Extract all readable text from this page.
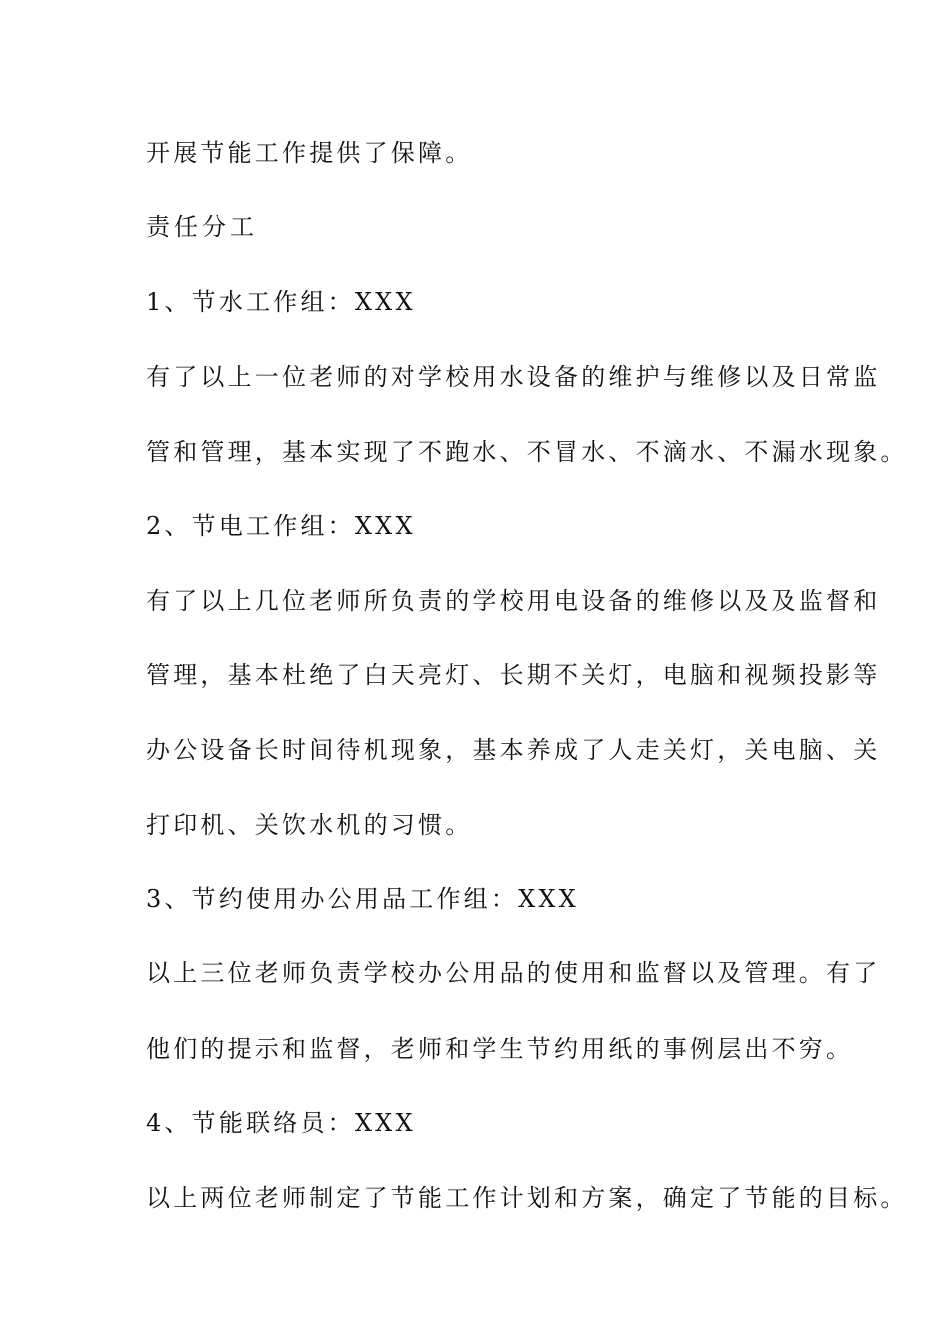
开展节能工作提供了保障。

责任分工

1、节水工作组：XXX

有了以上一位老师的对学校用水设备的维护与维修以及日常监

管和管理，基本实现了不跑水、不冒水、不滴水、不漏水现象。

2、节电工作组：XXX

有了以上几位老师所负责的学校用电设备的维修以及及监督和

管理，基本杜绝了白天亮灯、长期不关灯，电脑和视频投影等

办公设备长时间待机现象，基本养成了人走关灯，关电脑、关

打印机、关饮水机的习惯。

3、节约使用办公用品工作组：XXX

以上三位老师负责学校办公用品的使用和监督以及管理。有了

他们的提示和监督，老师和学生节约用纸的事例层出不穷。

4、节能联络员：XXX

以上两位老师制定了节能工作计划和方案，确定了节能的目标。
